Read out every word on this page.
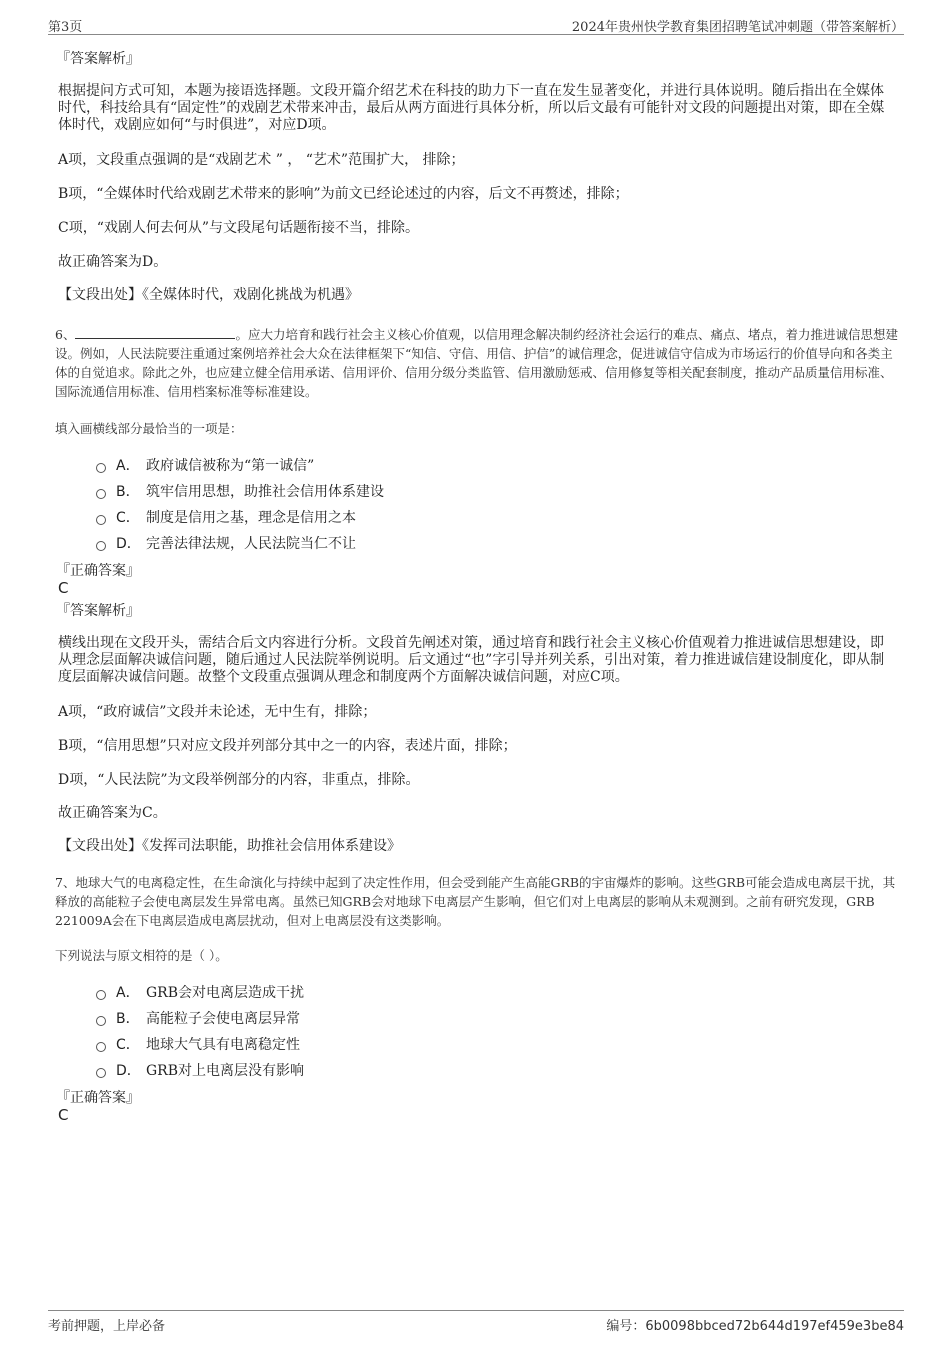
第3页	2024年贵州快学教育集团招聘笔试冲刺题（带答案解析）
『答案解析』
根据提问方式可知，本题为接语选择题。文段开篇介绍艺术在科技的助力下一直在发生显著变化，并进行具体说明。随后指出在全媒体时代，科技给具有“固定性”的戏剧艺术带来冲击，最后从两方面进行具体分析，所以后文最有可能针对文段的问题提出对策，即在全媒体时代，戏剧应如何“与时俱进”，对应D项。
A项，文段重点强调的是“戏剧艺术 ” ， “艺术”范围扩大， 排除；
B项，“全媒体时代给戏剧艺术带来的影响”为前文已经论述过的内容，后文不再赘述，排除；
C项，“戏剧人何去何从”与文段尾句话题衔接不当，排除。
故正确答案为D。
【文段出处】《全媒体时代，戏剧化挑战为机遇》
6、	。应大力培育和践行社会主义核心价值观，以信用理念解决制约经济社会运行的难点、痛点、堵点，着力推进诚信思想建设。例如，人民法院要注重通过案例培养社会大众在法律框架下“知信、守信、用信、护信”的诚信理念，促进诚信守信成为市场运行的价值导向和各类主体的自觉追求。除此之外，也应建立健全信用承诺、信用评价、信用分级分类监管、信用激励惩戒、信用修复等相关配套制度，推动产品质量信用标准、国际流通信用标准、信用档案标准等标准建设。
填入画横线部分最恰当的一项是：
A． 政府诚信被称为“第一诚信”
B． 筑牢信用思想，助推社会信用体系建设
C． 制度是信用之基，理念是信用之本
D． 完善法律法规，人民法院当仁不让
『正确答案』
C
『答案解析』
横线出现在文段开头，需结合后文内容进行分析。文段首先阐述对策，通过培育和践行社会主义核心价值观着力推进诚信思想建设，即从理念层面解决诚信问题，随后通过人民法院举例说明。后文通过“也”字引导并列关系，引出对策，着力推进诚信建设制度化，即从制度层面解决诚信问题。故整个文段重点强调从理念和制度两个方面解决诚信问题，对应C项。
A项，“政府诚信”文段并未论述，无中生有，排除；
B项，“信用思想”只对应文段并列部分其中之一的内容，表述片面，排除；
D项，“人民法院”为文段举例部分的内容，非重点，排除。
故正确答案为C。
【文段出处】《发挥司法职能，助推社会信用体系建设》
7、地球大气的电离稳定性，在生命演化与持续中起到了决定性作用，但会受到能产生高能GRB的宇宙爆炸的影响。这些GRB可能会造成电离层干扰，其释放的高能粒子会使电离层发生异常电离。虽然已知GRB会对地球下电离层产生影响，但它们对上电离层的影响从未观测到。之前有研究发现，GRB 221009A会在下电离层造成电离层扰动，但对上电离层没有这类影响。
下列说法与原文相符的是（ ）。
A． GRB会对电离层造成干扰
B． 高能粒子会使电离层异常
C． 地球大气具有电离稳定性
D． GRB对上电离层没有影响
『正确答案』
C
考前押题，上岸必备	编号：6b0098bbced72b644d197ef459e3be84
